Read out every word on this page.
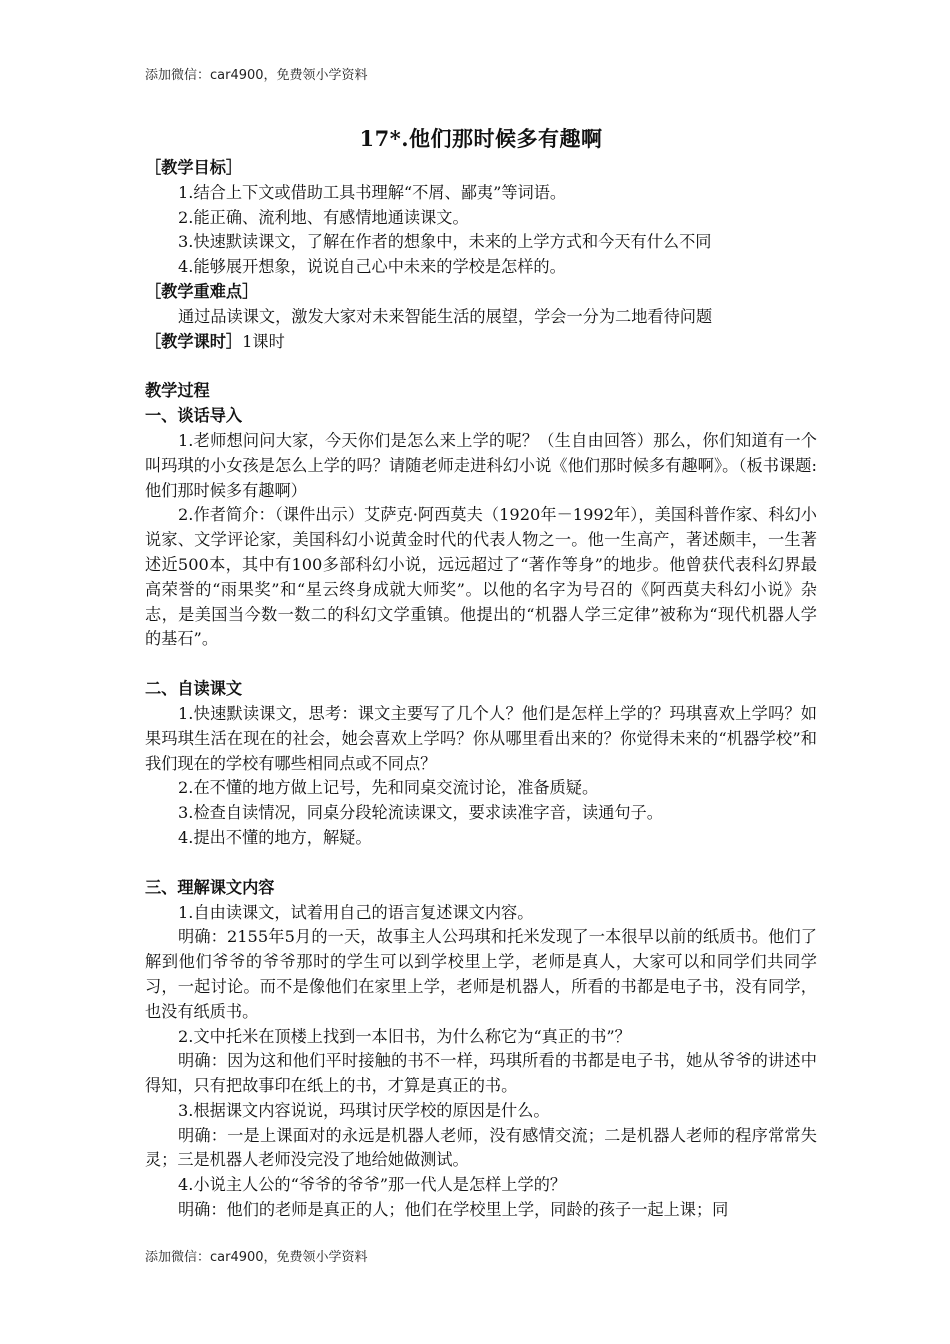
添加微信：car4900，免费领小学资料
17*.他们那时候多有趣啊
［教学目标］
1.结合上下文或借助工具书理解“不屑、鄙夷”等词语。
2.能正确、流利地、有感情地通读课文。
3.快速默读课文，了解在作者的想象中，未来的上学方式和今天有什么不同
4.能够展开想象，说说自己心中未来的学校是怎样的。
［教学重难点］
通过品读课文，激发大家对未来智能生活的展望，学会一分为二地看待问题
［教学课时］1课时
教学过程
一、谈话导入
1.老师想问问大家，今天你们是怎么来上学的呢？（生自由回答）那么，你们知道有一个叫玛琪的小女孩是怎么上学的吗？请随老师走进科幻小说《他们那时候多有趣啊》。（板书课题:他们那时候多有趣啊）
2.作者简介：（课件出示）艾萨克·阿西莫夫（1920年－1992年），美国科普作家、科幻小说家、文学评论家，美国科幻小说黄金时代的代表人物之一。他一生高产，著述颇丰，一生著述近500本，其中有100多部科幻小说，远远超过了“著作等身”的地步。他曾获代表科幻界最高荣誉的“雨果奖”和“星云终身成就大师奖”。以他的名字为号召的《阿西莫夫科幻小说》杂志，是美国当今数一数二的科幻文学重镇。他提出的“机器人学三定律”被称为“现代机器人学的基石”。
二、自读课文
1.快速默读课文，思考：课文主要写了几个人？他们是怎样上学的？玛琪喜欢上学吗？如果玛琪生活在现在的社会，她会喜欢上学吗？你从哪里看出来的？你觉得未来的“机器学校”和我们现在的学校有哪些相同点或不同点？
2.在不懂的地方做上记号，先和同桌交流讨论，准备质疑。
3.检查自读情况，同桌分段轮流读课文，要求读准字音，读通句子。
4.提出不懂的地方，解疑。
三、理解课文内容
1.自由读课文，试着用自己的语言复述课文内容。
明确：2155年5月的一天，故事主人公玛琪和托米发现了一本很早以前的纸质书。他们了解到他们爷爷的爷爷那时的学生可以到学校里上学，老师是真人，大家可以和同学们共同学习，一起讨论。而不是像他们在家里上学，老师是机器人，所看的书都是电子书，没有同学，也没有纸质书。
2.文中托米在顶楼上找到一本旧书，为什么称它为“真正的书”？
明确：因为这和他们平时接触的书不一样，玛琪所看的书都是电子书，她从爷爷的讲述中得知，只有把故事印在纸上的书，才算是真正的书。
3.根据课文内容说说，玛琪讨厌学校的原因是什么。
明确：一是上课面对的永远是机器人老师，没有感情交流；二是机器人老师的程序常常失灵；三是机器人老师没完没了地给她做测试。
4.小说主人公的“爷爷的爷爷”那一代人是怎样上学的？
明确：他们的老师是真正的人；他们在学校里上学，同龄的孩子一起上课；同
添加微信：car4900，免费领小学资料
